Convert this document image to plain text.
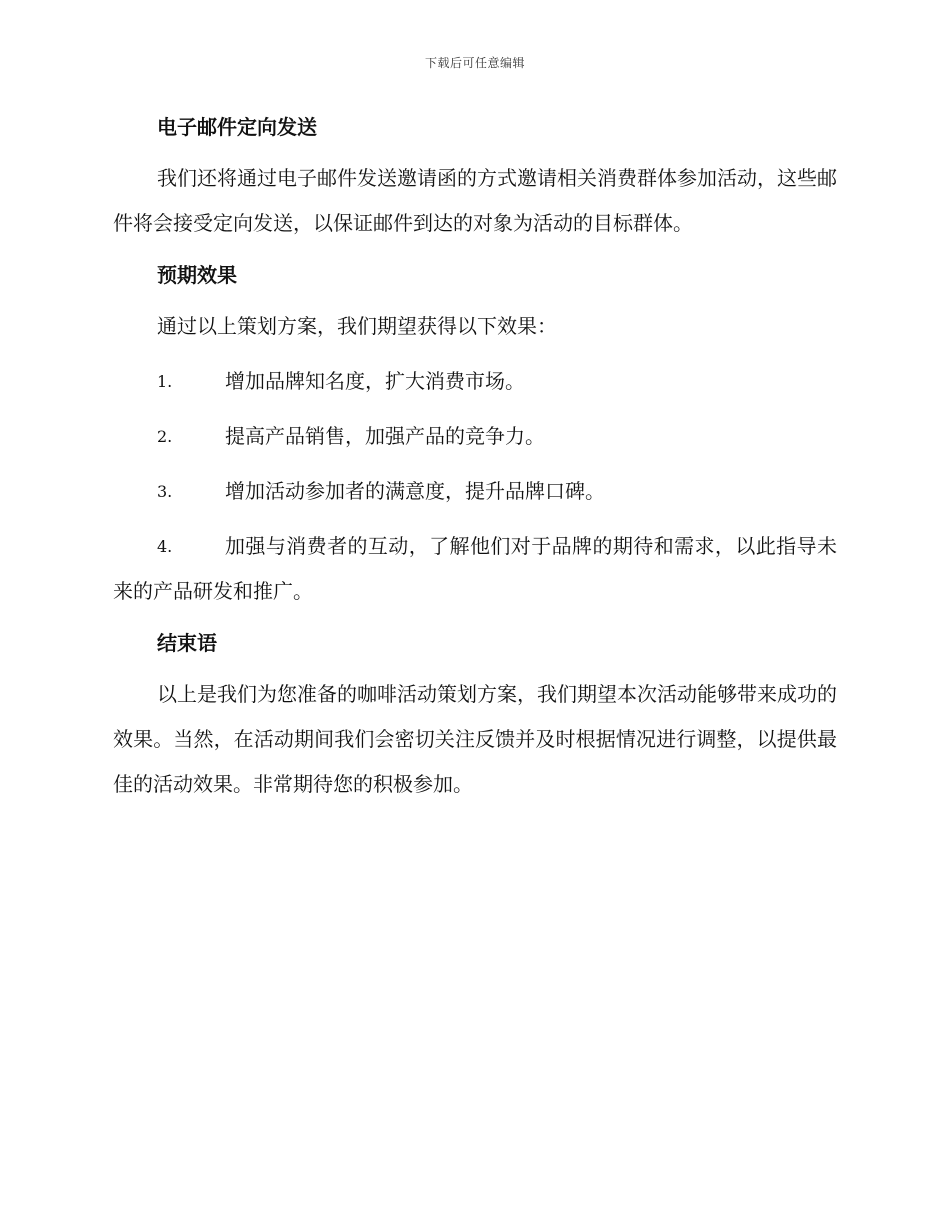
下载后可任意编辑
电子邮件定向发送

我们还将通过电子邮件发送邀请函的方式邀请相关消费群体参加活动，这些邮件将会接受定向发送，以保证邮件到达的对象为活动的目标群体。

预期效果

通过以上策划方案，我们期望获得以下效果：

1.	增加品牌知名度，扩大消费市场。
2.	提高产品销售，加强产品的竞争力。
3.	增加活动参加者的满意度，提升品牌口碑。
4.	加强与消费者的互动，了解他们对于品牌的期待和需求，以此指导未来的产品研发和推广。
结束语

以上是我们为您准备的咖啡活动策划方案，我们期望本次活动能够带来成功的效果。当然，在活动期间我们会密切关注反馈并及时根据情况进行调整，以提供最佳的活动效果。非常期待您的积极参加。
